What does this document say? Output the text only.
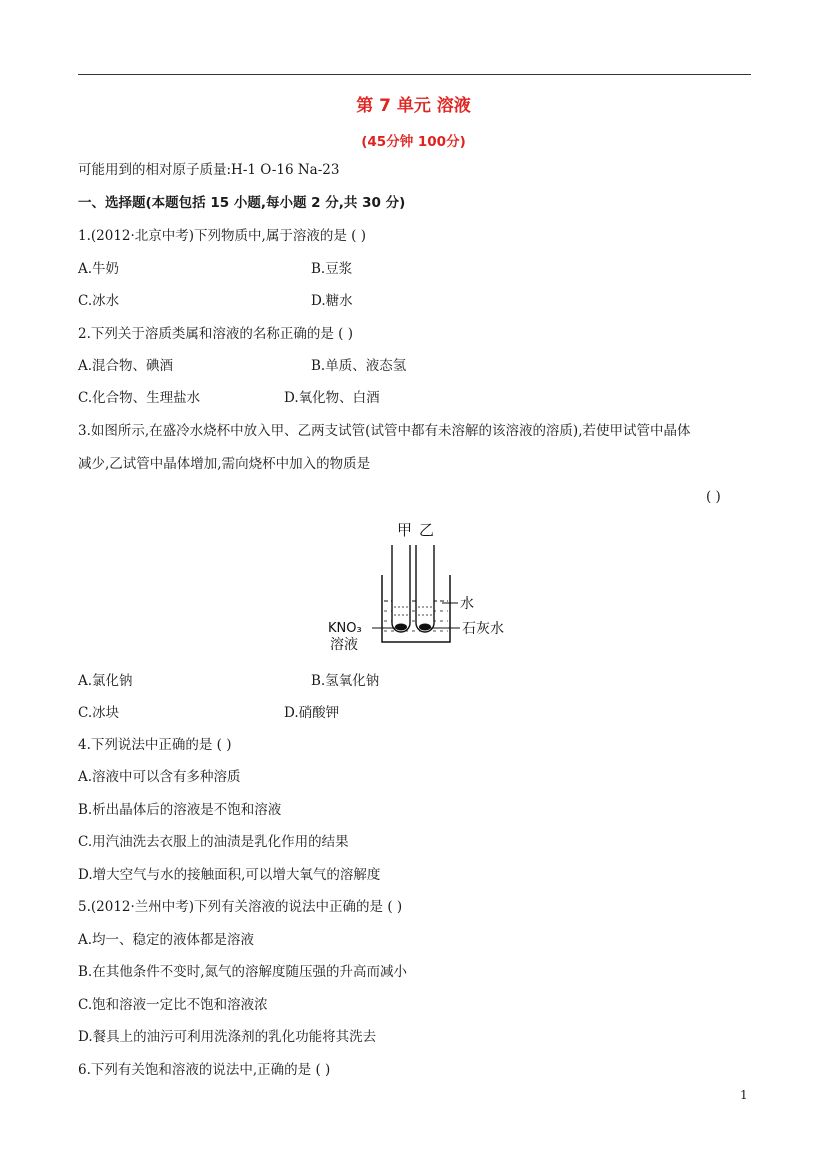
第 7 单元 溶液
(45分钟 100分)
可能用到的相对原子质量:H-1 O-16 Na-23
一、选择题(本题包括 15 小题,每小题 2 分,共 30 分)
1.(2012·北京中考)下列物质中,属于溶液的是 ( )
A.牛奶	B.豆浆
C.冰水	D.糖水
2.下列关于溶质类属和溶液的名称正确的是 ( )
A.混合物、碘酒	B.单质、液态氢
C.化合物、生理盐水	D.氧化物、白酒
3.如图所示,在盛冷水烧杯中放入甲、乙两支试管(试管中都有未溶解的该溶液的溶质),若使甲试管中晶体
减少,乙试管中晶体增加,需向烧杯中加入的物质是
( )
甲 乙
水
石灰水
KNO₃
溶液
A.氯化钠	B.氢氧化钠
C.冰块	D.硝酸钾
4.下列说法中正确的是 ( )
A.溶液中可以含有多种溶质
B.析出晶体后的溶液是不饱和溶液
C.用汽油洗去衣服上的油渍是乳化作用的结果
D.增大空气与水的接触面积,可以增大氧气的溶解度
5.(2012·兰州中考)下列有关溶液的说法中正确的是 ( )
A.均一、稳定的液体都是溶液
B.在其他条件不变时,氮气的溶解度随压强的升高而减小
C.饱和溶液一定比不饱和溶液浓
D.餐具上的油污可利用洗涤剂的乳化功能将其洗去
6.下列有关饱和溶液的说法中,正确的是 ( )
1
